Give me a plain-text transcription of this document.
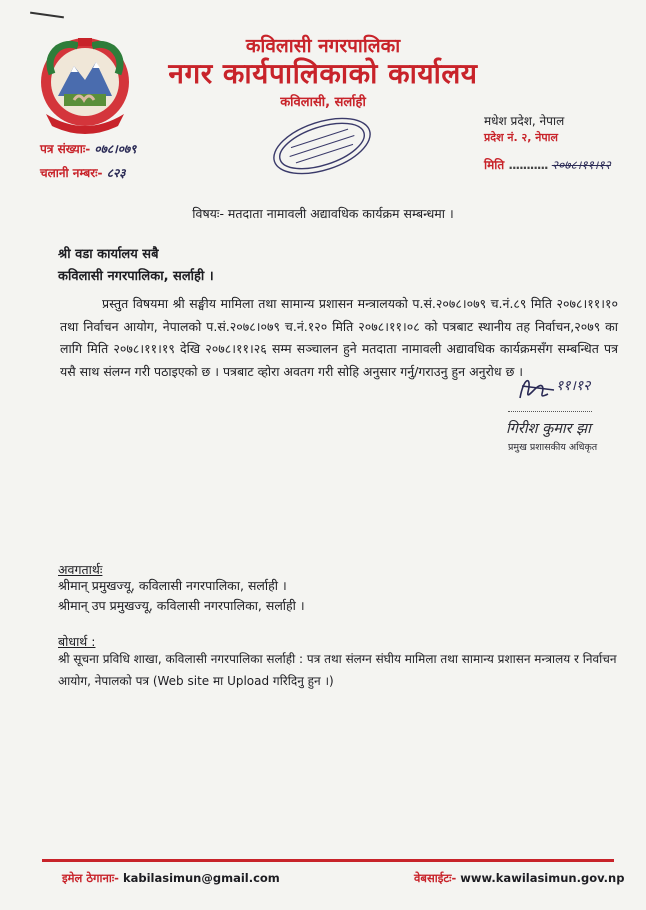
कविलासी नगरपालिका
नगर कार्यपालिकाको कार्यालय
कविलासी, सर्लाही
पत्र संख्याः- ०७८।०७९
चलानी नम्बरः- ८२३
मधेश प्रदेश, नेपाल
प्रदेश नं. २, नेपाल
मिति ........... २०७८।११।१२
विषयः- मतदाता नामावली अद्यावधिक कार्यक्रम सम्बन्धमा ।
श्री वडा कार्यालय सबै
कविलासी नगरपालिका, सर्लाही ।

प्रस्तुत विषयमा श्री सङ्घीय मामिला तथा सामान्य प्रशासन मन्त्रालयको प.सं.२०७८।०७९ च.नं.८९ मिति २०७८।११।१० तथा निर्वाचन आयोग, नेपालको प.सं.२०७८।०७९ च.नं.१२० मिति २०७८।११।०८ को पत्रबाट स्थानीय तह निर्वाचन,२०७९ का लागि मिति २०७८।११।१९ देखि २०७८।११।२६ सम्म सञ्चालन हुने मतदाता नामावली अद्यावधिक कार्यक्रमसँग सम्बन्धित पत्र यसै साथ संलग्न गरी पठाइएको छ । पत्रबाट व्होरा अवतग गरी सोहि अनुसार गर्नु/गराउनु हुन अनुरोध छ ।

११।१२
गिरीश कुमार झा
प्रमुख प्रशासकीय अधिकृत
अवगतार्थः
श्रीमान् प्रमुखज्यू, कविलासी नगरपालिका, सर्लाही ।
श्रीमान् उप प्रमुखज्यू, कविलासी नगरपालिका, सर्लाही ।
बोधार्थ :

श्री सूचना प्रविधि शाखा, कविलासी नगरपालिका सर्लाही : पत्र तथा संलग्न संघीय मामिला तथा सामान्य प्रशासन मन्त्रालय र निर्वाचन आयोग, नेपालको पत्र (Web site मा Upload गरिदिनु हुन ।)

इमेल ठेगानाः- kabilasimun@gmail.com	वेबसाईटः- www.kawilasimun.gov.np
